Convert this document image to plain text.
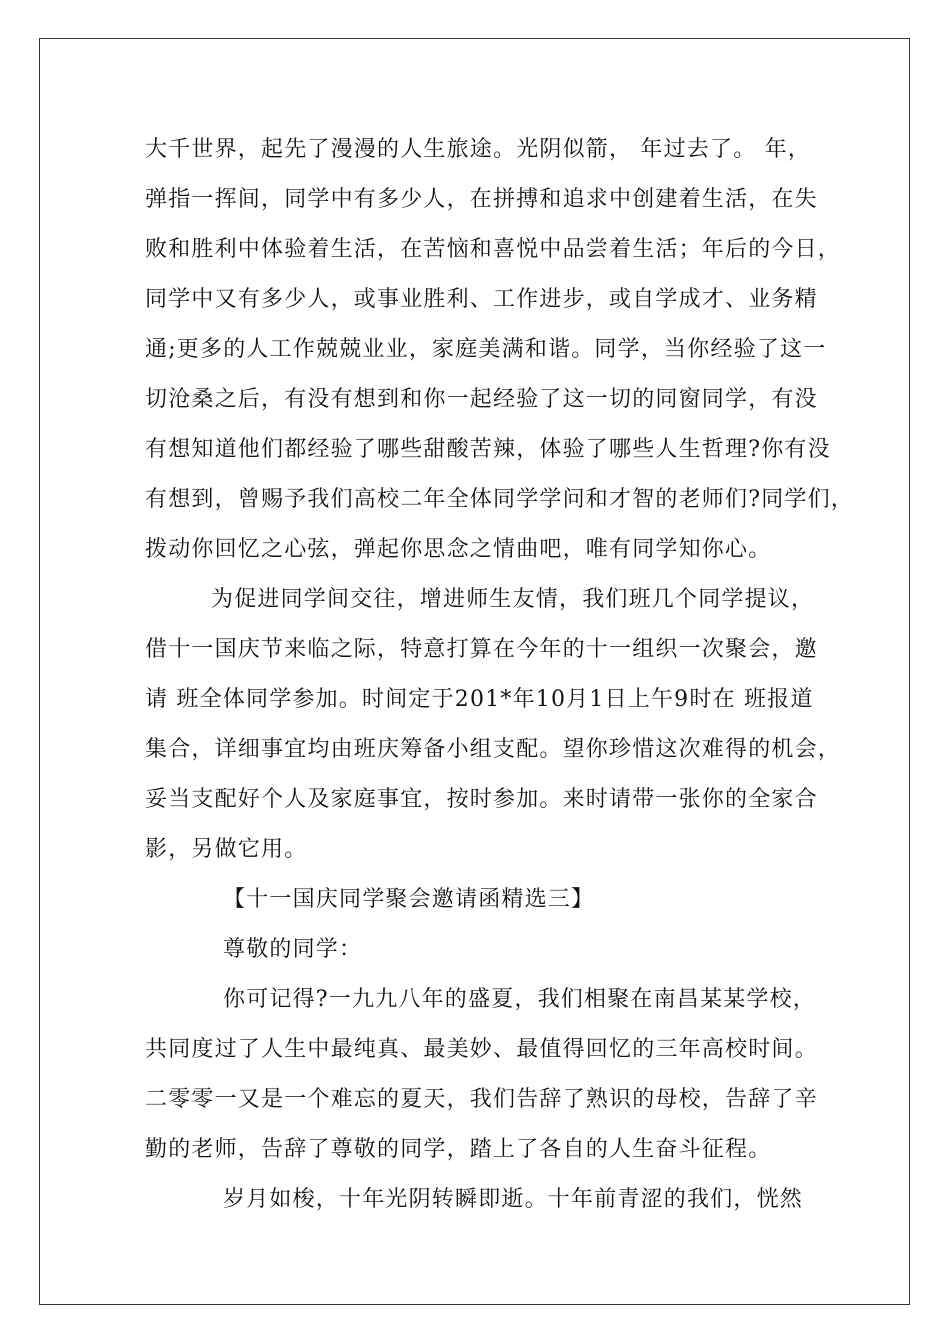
大千世界，起先了漫漫的人生旅途。光阴似箭， 年过去了。 年，
弹指一挥间，同学中有多少人，在拼搏和追求中创建着生活，在失
败和胜利中体验着生活，在苦恼和喜悦中品尝着生活；年后的今日，
同学中又有多少人，或事业胜利、工作进步，或自学成才、业务精
通;更多的人工作兢兢业业，家庭美满和谐。同学，当你经验了这一
切沧桑之后，有没有想到和你一起经验了这一切的同窗同学，有没
有想知道他们都经验了哪些甜酸苦辣，体验了哪些人生哲理?你有没
有想到，曾赐予我们高校二年全体同学学问和才智的老师们?同学们，
拨动你回忆之心弦，弹起你思念之情曲吧，唯有同学知你心。
为促进同学间交往，增进师生友情，我们班几个同学提议，
借十一国庆节来临之际，特意打算在今年的十一组织一次聚会，邀
请 班全体同学参加。时间定于201*年10月1日上午9时在 班报道
集合，详细事宜均由班庆筹备小组支配。望你珍惜这次难得的机会，
妥当支配好个人及家庭事宜，按时参加。来时请带一张你的全家合
影，另做它用。
【十一国庆同学聚会邀请函精选三】
尊敬的同学：
你可记得?一九九八年的盛夏，我们相聚在南昌某某学校，
共同度过了人生中最纯真、最美妙、最值得回忆的三年高校时间。
二零零一又是一个难忘的夏天，我们告辞了熟识的母校，告辞了辛
勤的老师，告辞了尊敬的同学，踏上了各自的人生奋斗征程。
岁月如梭，十年光阴转瞬即逝。十年前青涩的我们，恍然
